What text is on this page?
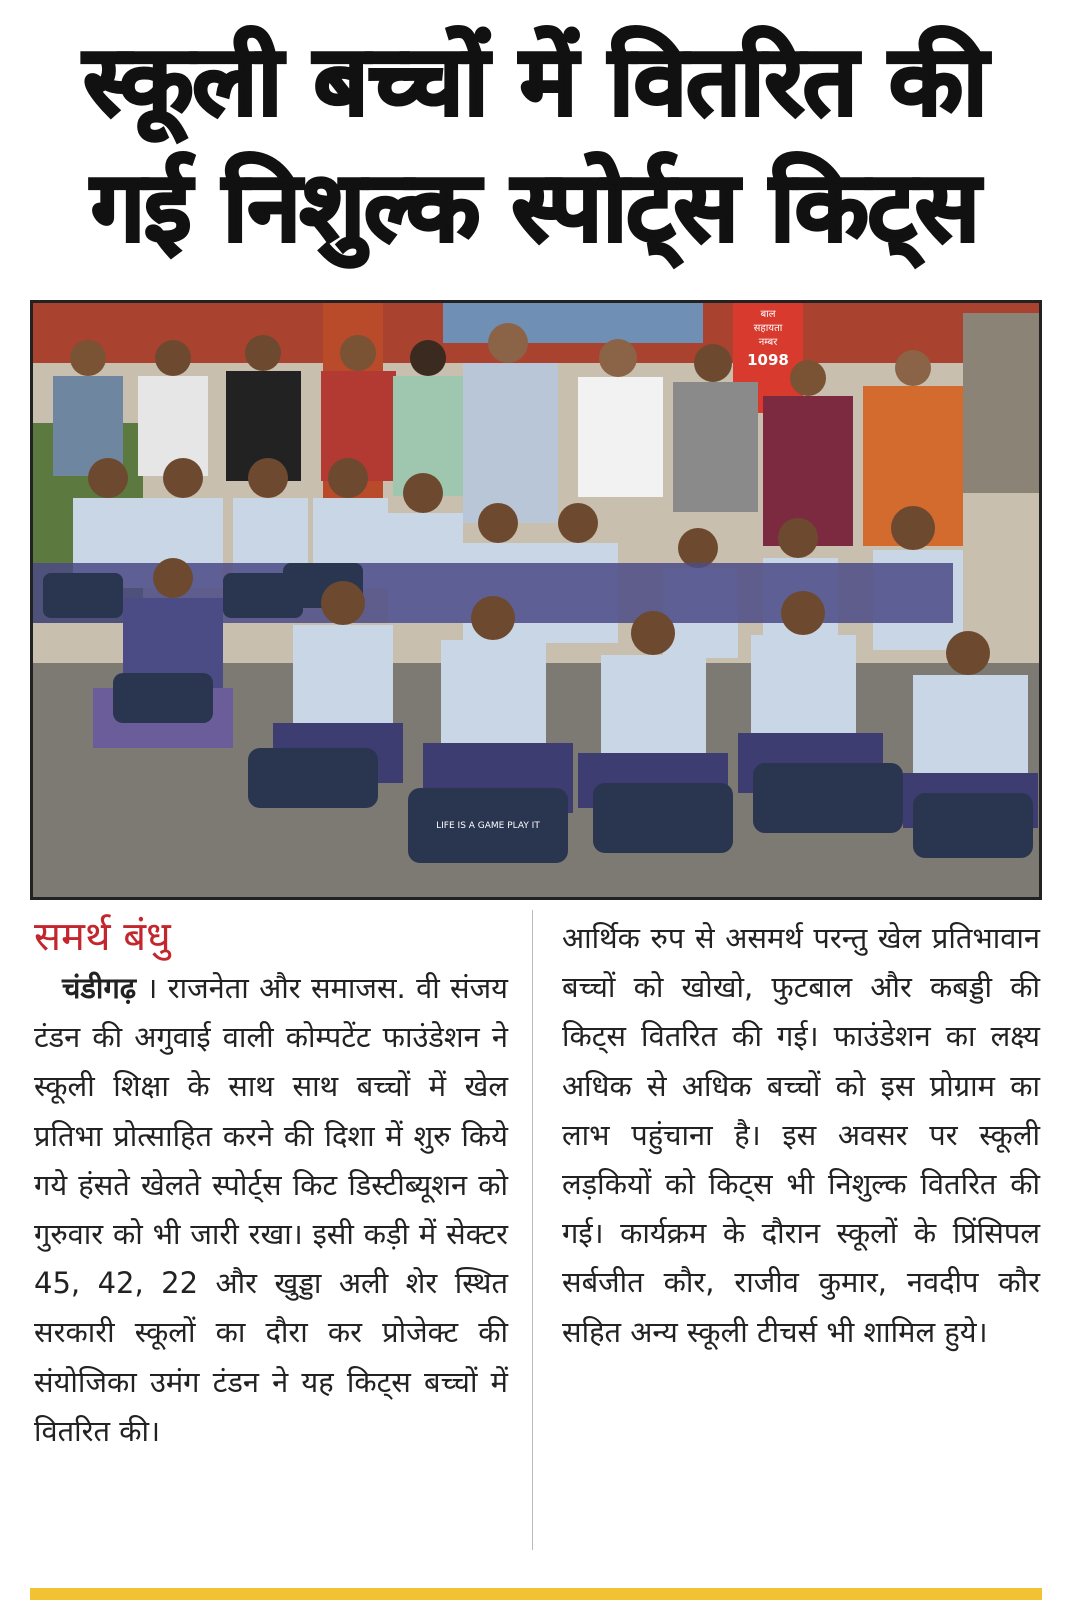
स्कूली बच्चों में वितरित की
गई निशुल्क स्पोर्ट्स किट्स
बाल
सहायता
नम्बर
1098
LIFE IS A GAME PLAY IT
समर्थ बंधु
चंडीगढ़ । राजनेता और समाजस. वी संजय टंडन की अगुवाई वाली कोम्पटेंट फाउंडेशन ने स्कूली शिक्षा के साथ साथ बच्चों में खेल प्रतिभा प्रोत्साहित करने की दिशा में शुरु किये गये हंसते खेलते स्पोर्ट्स किट डिस्टीब्यूशन को गुरुवार को भी जारी रखा। इसी कड़ी में सेक्टर 45, 42, 22 और खुड्डा अली शेर स्थित सरकारी स्कूलों का दौरा कर प्रोजेक्ट की संयोजिका उमंग टंडन ने यह किट्स बच्चों में वितरित की।
आर्थिक रुप से असमर्थ परन्तु खेल प्रतिभावान बच्चों को खोखो, फुटबाल और कबड्डी की किट्स वितरित की गई। फाउंडेशन का लक्ष्य अधिक से अधिक बच्चों को इस प्रोग्राम का लाभ पहुंचाना है। इस अवसर पर स्कूली लड़कियों को किट्स भी निशुल्क वितरित की गई। कार्यक्रम के दौरान स्कूलों के प्रिंसिपल सर्बजीत कौर, राजीव कुमार, नवदीप कौर सहित अन्य स्कूली टीचर्स भी शामिल हुये।
